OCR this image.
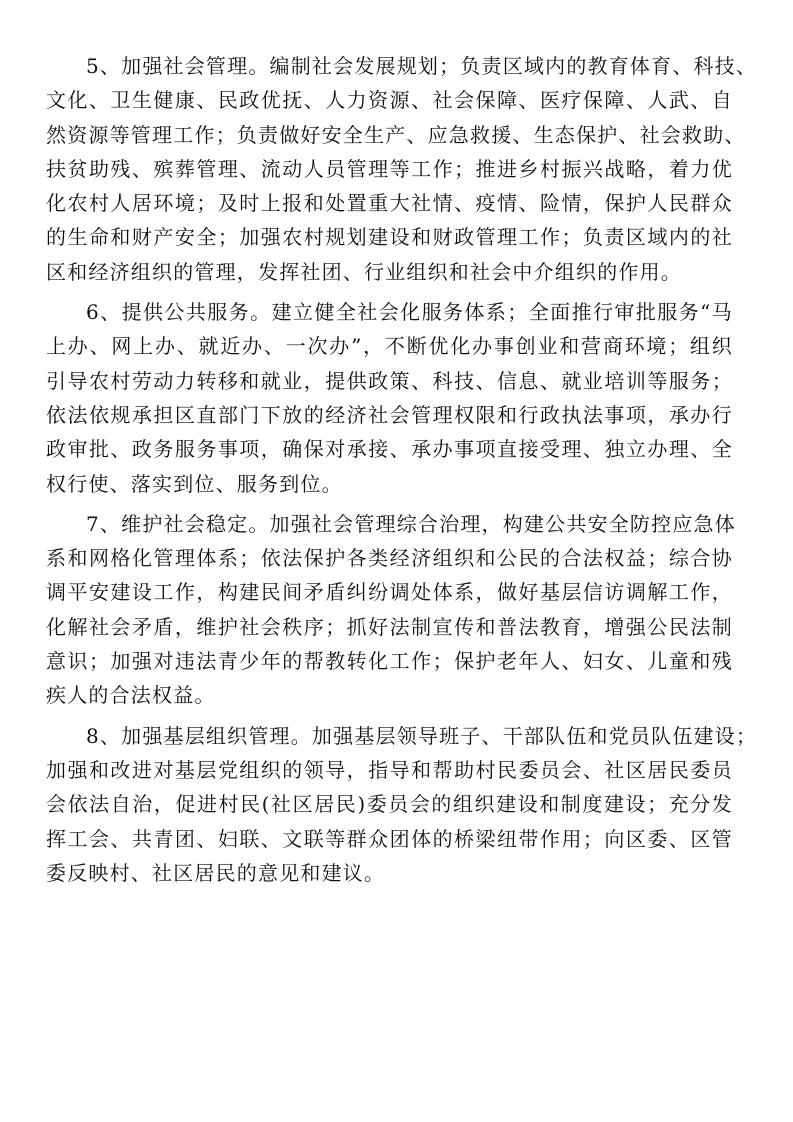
5、加强社会管理。编制社会发展规划；负责区域内的教育体育、科技、
文化、卫生健康、民政优抚、人力资源、社会保障、医疗保障、人武、自
然资源等管理工作；负责做好安全生产、应急救援、生态保护、社会救助、
扶贫助残、殡葬管理、流动人员管理等工作；推进乡村振兴战略，着力优
化农村人居环境；及时上报和处置重大社情、疫情、险情，保护人民群众
的生命和财产安全；加强农村规划建设和财政管理工作；负责区域内的社
区和经济组织的管理，发挥社团、行业组织和社会中介组织的作用。
6、提供公共服务。建立健全社会化服务体系；全面推行审批服务“马
上办、网上办、就近办、一次办”，不断优化办事创业和营商环境；组织
引导农村劳动力转移和就业，提供政策、科技、信息、就业培训等服务；
依法依规承担区直部门下放的经济社会管理权限和行政执法事项，承办行
政审批、政务服务事项，确保对承接、承办事项直接受理、独立办理、全
权行使、落实到位、服务到位。
7、维护社会稳定。加强社会管理综合治理，构建公共安全防控应急体
系和网格化管理体系；依法保护各类经济组织和公民的合法权益；综合协
调平安建设工作，构建民间矛盾纠纷调处体系，做好基层信访调解工作，
化解社会矛盾，维护社会秩序；抓好法制宣传和普法教育，增强公民法制
意识；加强对违法青少年的帮教转化工作；保护老年人、妇女、儿童和残
疾人的合法权益。
8、加强基层组织管理。加强基层领导班子、干部队伍和党员队伍建设；
加强和改进对基层党组织的领导，指导和帮助村民委员会、社区居民委员
会依法自治，促进村民(社区居民)委员会的组织建设和制度建设；充分发
挥工会、共青团、妇联、文联等群众团体的桥梁纽带作用；向区委、区管
委反映村、社区居民的意见和建议。
